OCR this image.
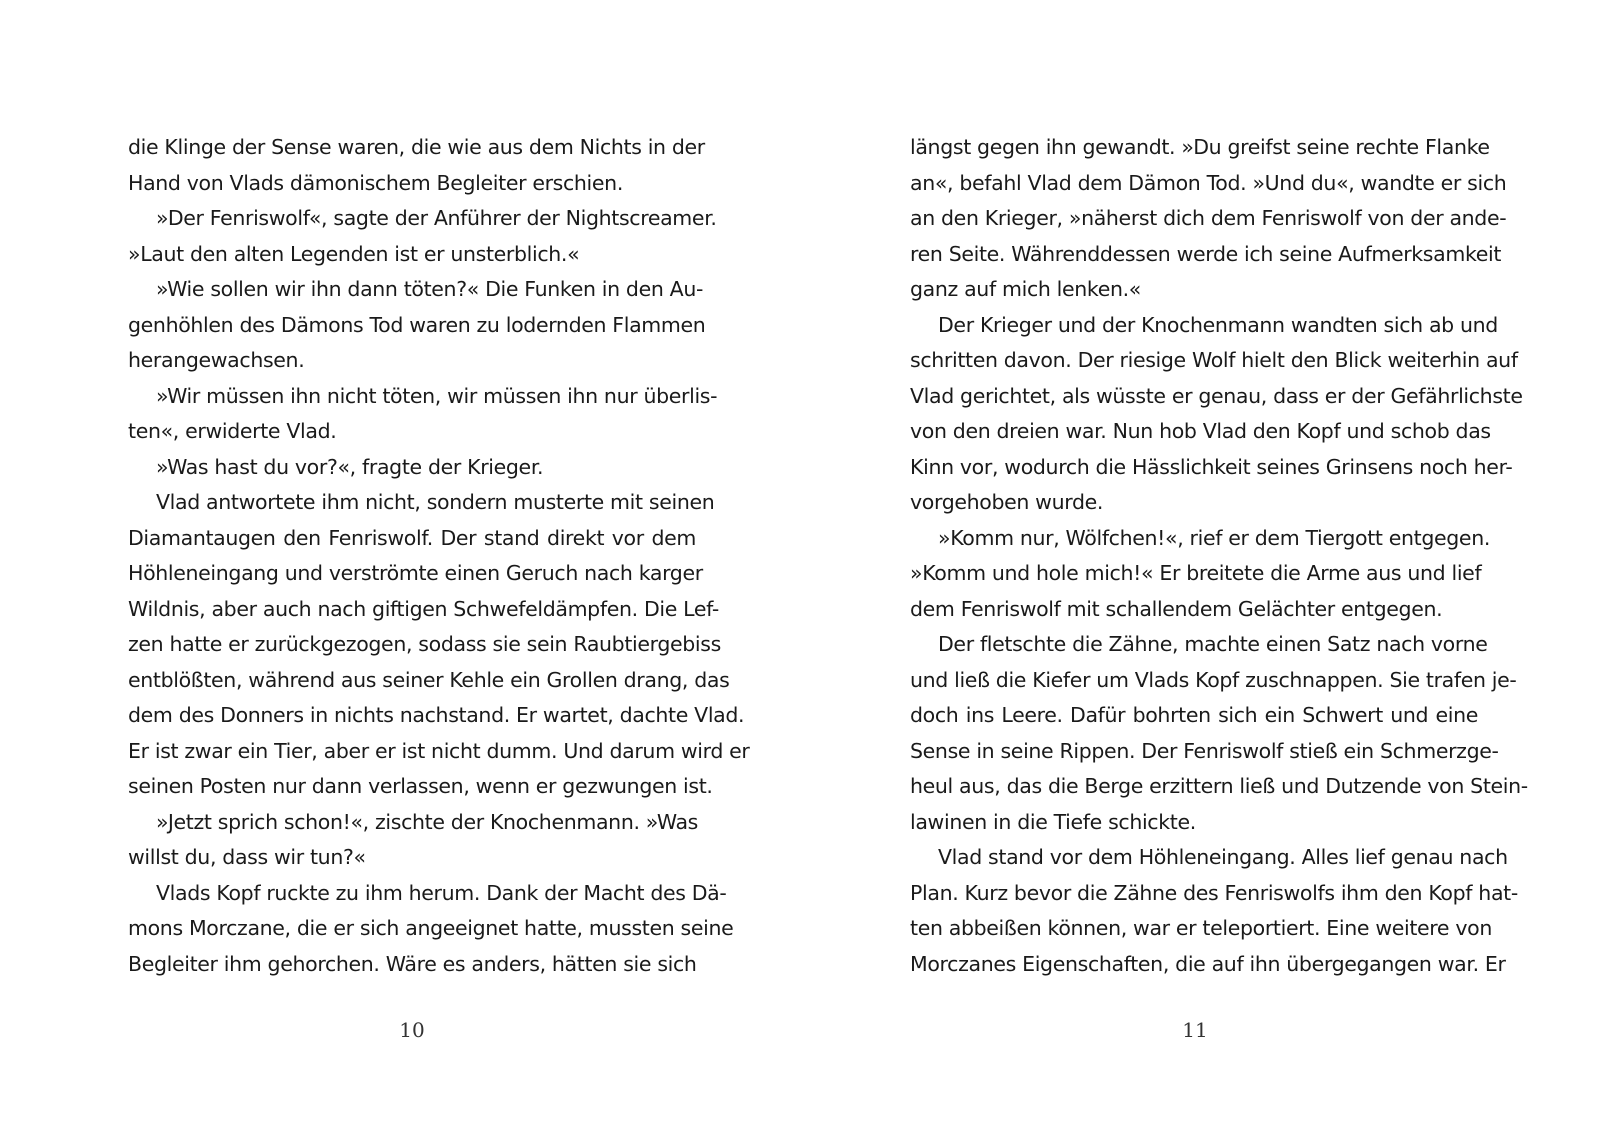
die Klinge der Sense waren, die wie aus dem Nichts in der
Hand von Vlads dämonischem Begleiter erschien.
»Der Fenriswolf«, sagte der Anführer der Nightscreamer.
»Laut den alten Legenden ist er unsterblich.«
»Wie sollen wir ihn dann töten?« Die Funken in den Au-
genhöhlen des Dämons Tod waren zu lodernden Flammen
herangewachsen.
»Wir müssen ihn nicht töten, wir müssen ihn nur überlis-
ten«, erwiderte Vlad.
»Was hast du vor?«, fragte der Krieger.
Vlad antwortete ihm nicht, sondern musterte mit seinen
Diamantaugen den Fenriswolf. Der stand direkt vor dem
Höhleneingang und verströmte einen Geruch nach karger
Wildnis, aber auch nach giftigen Schwefeldämpfen. Die Lef-
zen hatte er zurückgezogen, sodass sie sein Raubtiergebiss
entblößten, während aus seiner Kehle ein Grollen drang, das
dem des Donners in nichts nachstand. Er wartet, dachte Vlad.
Er ist zwar ein Tier, aber er ist nicht dumm. Und darum wird er
seinen Posten nur dann verlassen, wenn er gezwungen ist.
»Jetzt sprich schon!«, zischte der Knochenmann. »Was
willst du, dass wir tun?«
Vlads Kopf ruckte zu ihm herum. Dank der Macht des Dä-
mons Morczane, die er sich angeeignet hatte, mussten seine
Begleiter ihm gehorchen. Wäre es anders, hätten sie sich
10
längst gegen ihn gewandt. »Du greifst seine rechte Flanke
an«, befahl Vlad dem Dämon Tod. »Und du«, wandte er sich
an den Krieger, »näherst dich dem Fenriswolf von der ande-
ren Seite. Währenddessen werde ich seine Aufmerksamkeit
ganz auf mich lenken.«
Der Krieger und der Knochenmann wandten sich ab und
schritten davon. Der riesige Wolf hielt den Blick weiterhin auf
Vlad gerichtet, als wüsste er genau, dass er der Gefährlichste
von den dreien war. Nun hob Vlad den Kopf und schob das
Kinn vor, wodurch die Hässlichkeit seines Grinsens noch her-
vorgehoben wurde.
»Komm nur, Wölfchen!«, rief er dem Tiergott entgegen.
»Komm und hole mich!« Er breitete die Arme aus und lief
dem Fenriswolf mit schallendem Gelächter entgegen.
Der fletschte die Zähne, machte einen Satz nach vorne
und ließ die Kiefer um Vlads Kopf zuschnappen. Sie trafen je-
doch ins Leere. Dafür bohrten sich ein Schwert und eine
Sense in seine Rippen. Der Fenriswolf stieß ein Schmerzge-
heul aus, das die Berge erzittern ließ und Dutzende von Stein-
lawinen in die Tiefe schickte.
Vlad stand vor dem Höhleneingang. Alles lief genau nach
Plan. Kurz bevor die Zähne des Fenriswolfs ihm den Kopf hat-
ten abbeißen können, war er teleportiert. Eine weitere von
Morczanes Eigenschaften, die auf ihn übergegangen war. Er
11
